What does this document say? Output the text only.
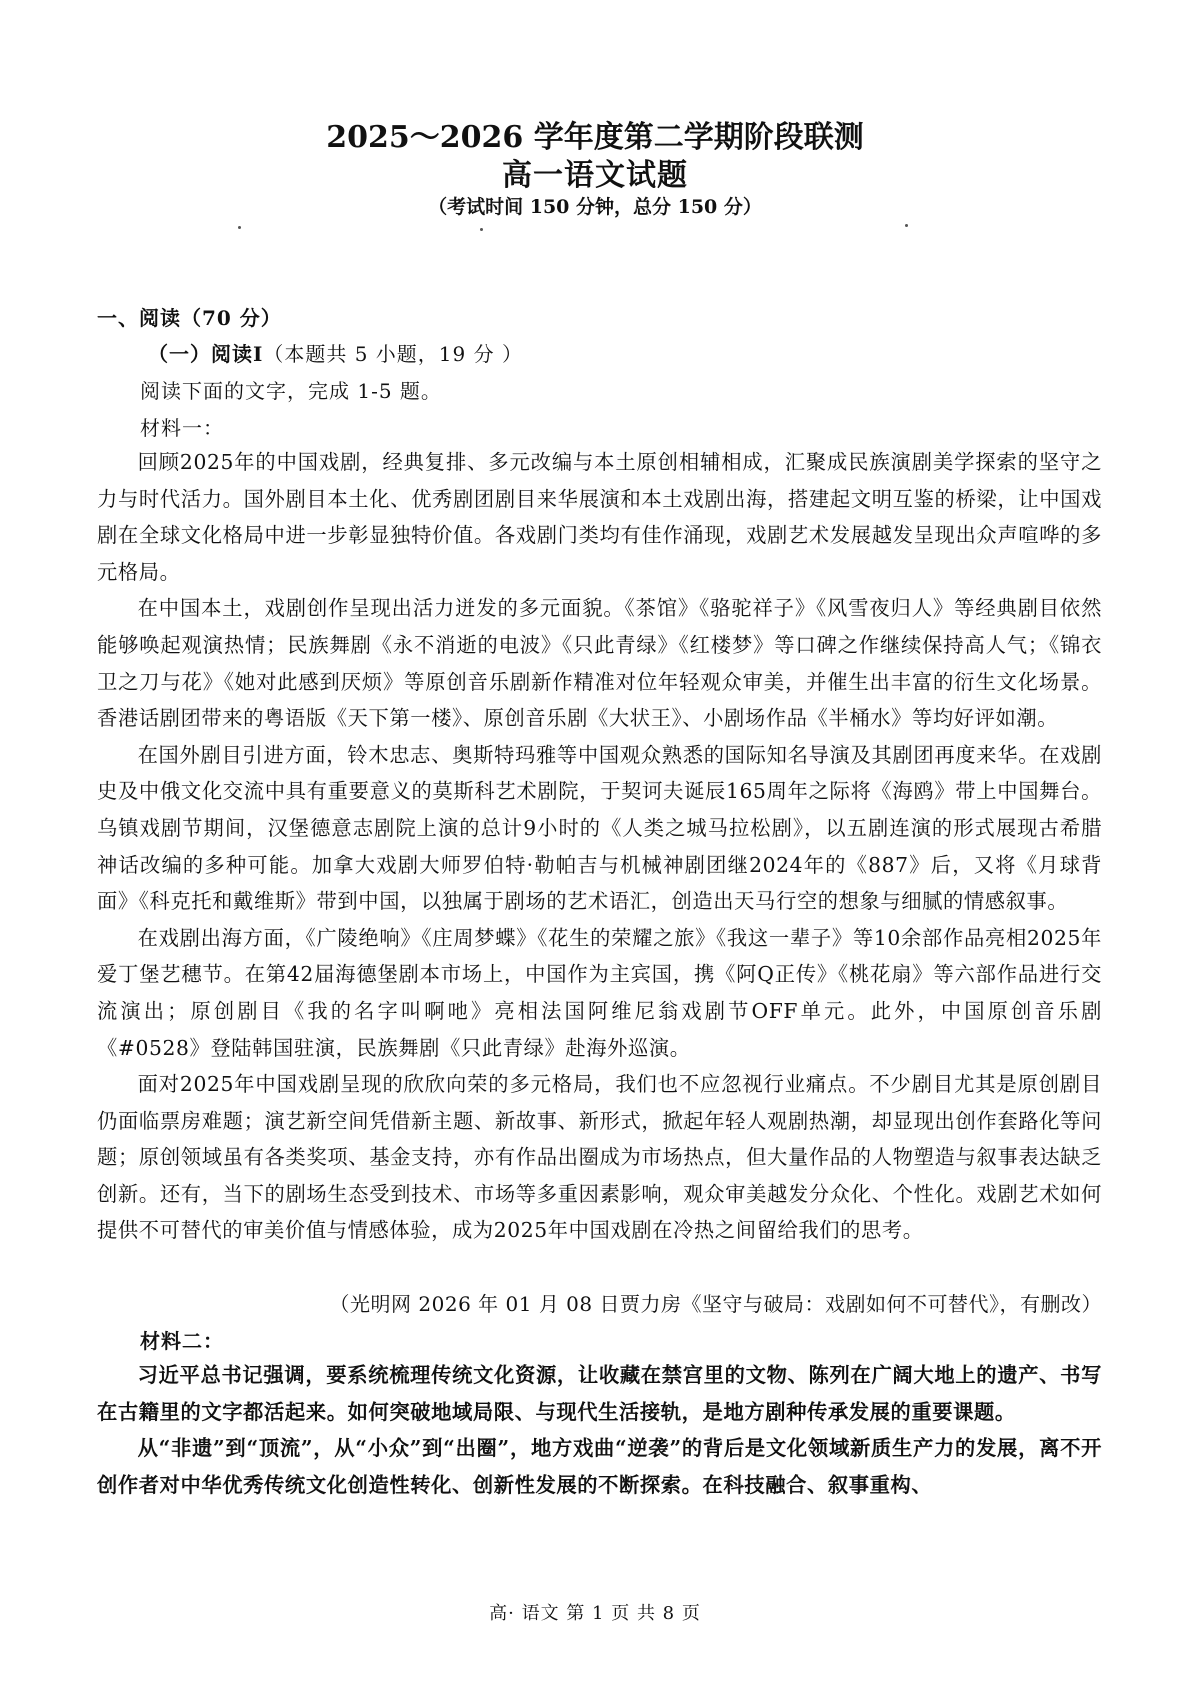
2025～2026 学年度第二学期阶段联测
高一语文试题
（考试时间 150 分钟，总分 150 分）
一、阅读（70 分）
（一）阅读Ⅰ（本题共 5 小题，19 分 ）
阅读下面的文字，完成 1-5 题。
材料一：

回顾2025年的中国戏剧，经典复排、多元改编与本土原创相辅相成，汇聚成民族演剧美学探索的坚守之力与时代活力。国外剧目本土化、优秀剧团剧目来华展演和本土戏剧出海，搭建起文明互鉴的桥梁，让中国戏剧在全球文化格局中进一步彰显独特价值。各戏剧门类均有佳作涌现，戏剧艺术发展越发呈现出众声喧哗的多元格局。

在中国本土，戏剧创作呈现出活力迸发的多元面貌。《茶馆》《骆驼祥子》《风雪夜归人》等经典剧目依然能够唤起观演热情；民族舞剧《永不消逝的电波》《只此青绿》《红楼梦》等口碑之作继续保持高人气；《锦衣卫之刀与花》《她对此感到厌烦》等原创音乐剧新作精准对位年轻观众审美，并催生出丰富的衍生文化场景。香港话剧团带来的粤语版《天下第一楼》、原创音乐剧《大状王》、小剧场作品《半桶水》等均好评如潮。

在国外剧目引进方面，铃木忠志、奥斯特玛雅等中国观众熟悉的国际知名导演及其剧团再度来华。在戏剧史及中俄文化交流中具有重要意义的莫斯科艺术剧院，于契诃夫诞辰165周年之际将《海鸥》带上中国舞台。乌镇戏剧节期间，汉堡德意志剧院上演的总计9小时的《人类之城马拉松剧》，以五剧连演的形式展现古希腊神话改编的多种可能。加拿大戏剧大师罗伯特·勒帕吉与机械神剧团继2024年的《887》后，又将《月球背面》《科克托和戴维斯》带到中国，以独属于剧场的艺术语汇，创造出天马行空的想象与细腻的情感叙事。

在戏剧出海方面，《广陵绝响》《庄周梦蝶》《花生的荣耀之旅》《我这一辈子》等10余部作品亮相2025年爱丁堡艺穗节。在第42届海德堡剧本市场上，中国作为主宾国，携《阿Q正传》《桃花扇》等六部作品进行交流演出；原创剧目《我的名字叫啊吔》亮相法国阿维尼翁戏剧节OFF单元。此外，中国原创音乐剧《#0528》登陆韩国驻演，民族舞剧《只此青绿》赴海外巡演。

面对2025年中国戏剧呈现的欣欣向荣的多元格局，我们也不应忽视行业痛点。不少剧目尤其是原创剧目仍面临票房难题；演艺新空间凭借新主题、新故事、新形式，掀起年轻人观剧热潮，却显现出创作套路化等问题；原创领域虽有各类奖项、基金支持，亦有作品出圈成为市场热点，但大量作品的人物塑造与叙事表达缺乏创新。还有，当下的剧场生态受到技术、市场等多重因素影响，观众审美越发分众化、个性化。戏剧艺术如何提供不可替代的审美价值与情感体验，成为2025年中国戏剧在冷热之间留给我们的思考。

（光明网 2026 年 01 月 08 日贾力房《坚守与破局：戏剧如何不可替代》，有删改）
材料二：

习近平总书记强调，要系统梳理传统文化资源，让收藏在禁宫里的文物、陈列在广阔大地上的遗产、书写在古籍里的文字都活起来。如何突破地域局限、与现代生活接轨，是地方剧种传承发展的重要课题。

从“非遗”到“顶流”，从“小众”到“出圈”，地方戏曲“逆袭”的背后是文化领域新质生产力的发展，离不开创作者对中华优秀传统文化创造性转化、创新性发展的不断探索。在科技融合、叙事重构、

高· 语文 第 1 页 共 8 页
